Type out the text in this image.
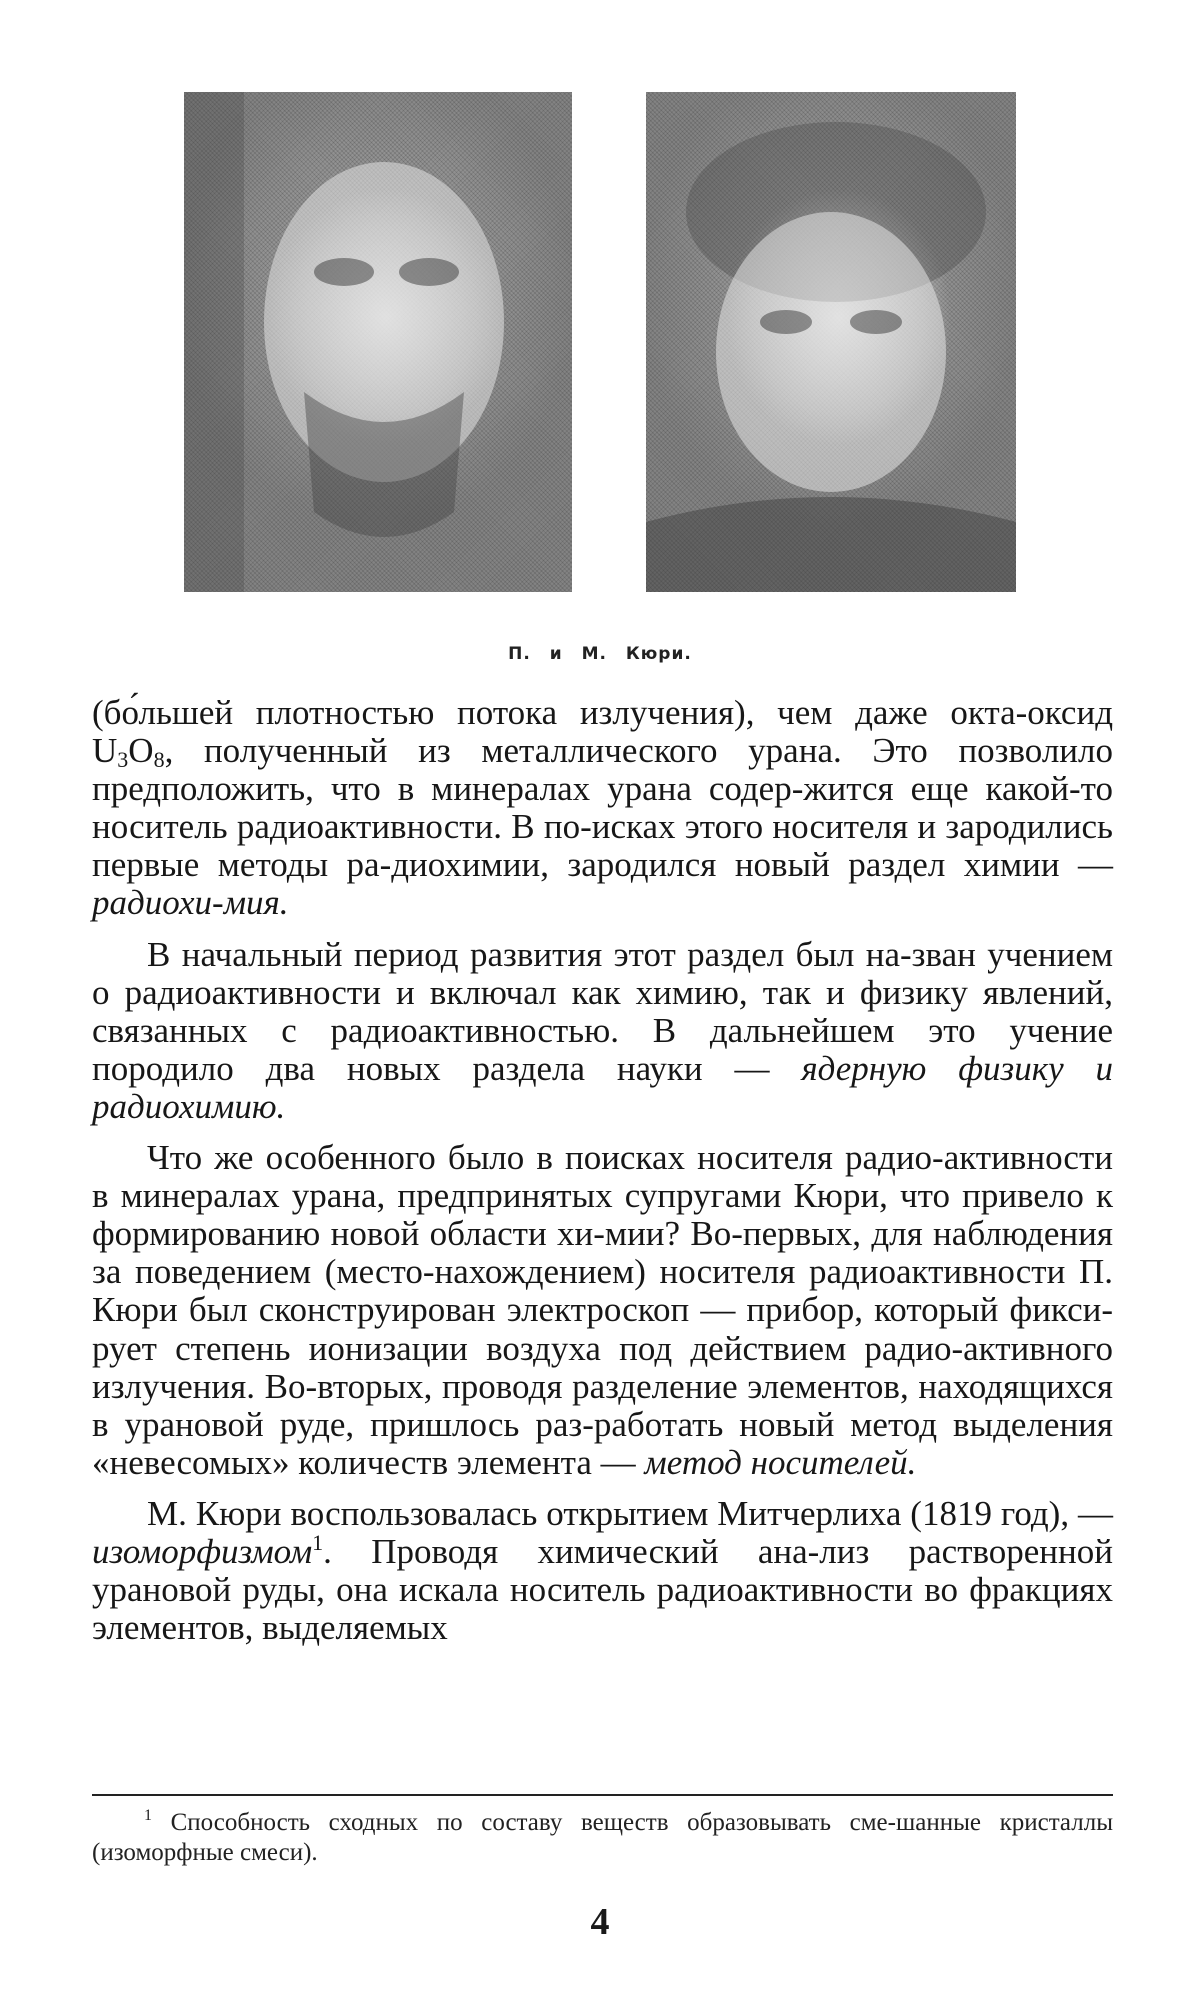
П. и М. Кюри.

(бо́льшей плотностью потока излучения), чем даже окта-оксид $U_3O_8$, полученный из металлического урана. Это позволило предположить, что в минералах урана содер-жится еще какой-то носитель радиоактивности. В по-исках этого носителя и зародились первые методы ра-диохимии, зародился новый раздел химии — радиохи-мия.

В начальный период развития этот раздел был на-зван учением о радиоактивности и включал как химию, так и физику явлений, связанных с радиоактивностью. В дальнейшем это учение породило два новых раздела науки — ядерную физику и радиохимию.

Что же особенного было в поисках носителя радио-активности в минералах урана, предпринятых супругами Кюри, что привело к формированию новой области хи-мии? Во-первых, для наблюдения за поведением (место-нахождением) носителя радиоактивности П. Кюри был сконструирован электроскоп — прибор, который фикси-рует степень ионизации воздуха под действием радио-активного излучения. Во-вторых, проводя разделение элементов, находящихся в урановой руде, пришлось раз-работать новый метод выделения «невесомых» количеств элемента — метод носителей.

М. Кюри воспользовалась открытием Митчерлиха (1819 год), — изоморфизмом$^1$. Проводя химический ана-лиз растворенной урановой руды, она искала носитель радиоактивности во фракциях элементов, выделяемых

$^1$ Способность сходных по составу веществ образовывать сме-шанные кристаллы (изоморфные смеси).
4
